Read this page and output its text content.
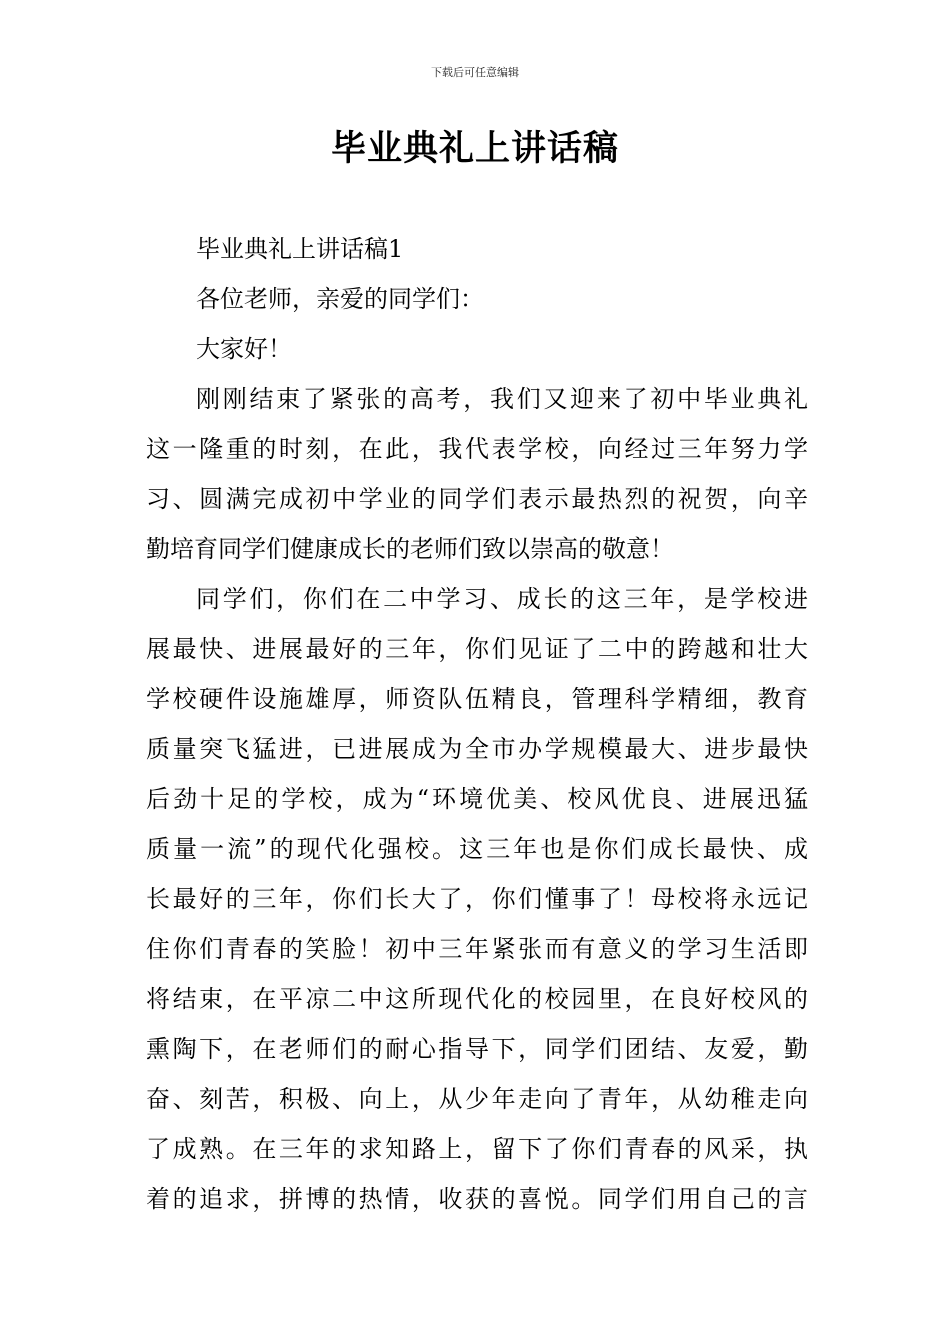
下载后可任意编辑
毕业典礼上讲话稿
毕业典礼上讲话稿1
各位老师，亲爱的同学们：
大家好！
刚刚结束了紧张的高考，我们又迎来了初中毕业典礼
这一隆重的时刻，在此，我代表学校，向经过三年努力学
习、圆满完成初中学业的同学们表示最热烈的祝贺，向辛
勤培育同学们健康成长的老师们致以崇高的敬意！
同学们，你们在二中学习、成长的这三年，是学校进
展最快、进展最好的三年，你们见证了二中的跨越和壮大
学校硬件设施雄厚，师资队伍精良，管理科学精细，教育
质量突飞猛进，已进展成为全市办学规模最大、进步最快
后劲十足的学校，成为“环境优美、校风优良、进展迅猛
质量一流”的现代化强校。这三年也是你们成长最快、成
长最好的三年，你们长大了，你们懂事了！母校将永远记
住你们青春的笑脸！初中三年紧张而有意义的学习生活即
将结束，在平凉二中这所现代化的校园里，在良好校风的
熏陶下，在老师们的耐心指导下，同学们团结、友爱，勤
奋、刻苦，积极、向上，从少年走向了青年，从幼稚走向
了成熟。在三年的求知路上，留下了你们青春的风采，执
着的追求，拼博的热情，收获的喜悦。同学们用自己的言
